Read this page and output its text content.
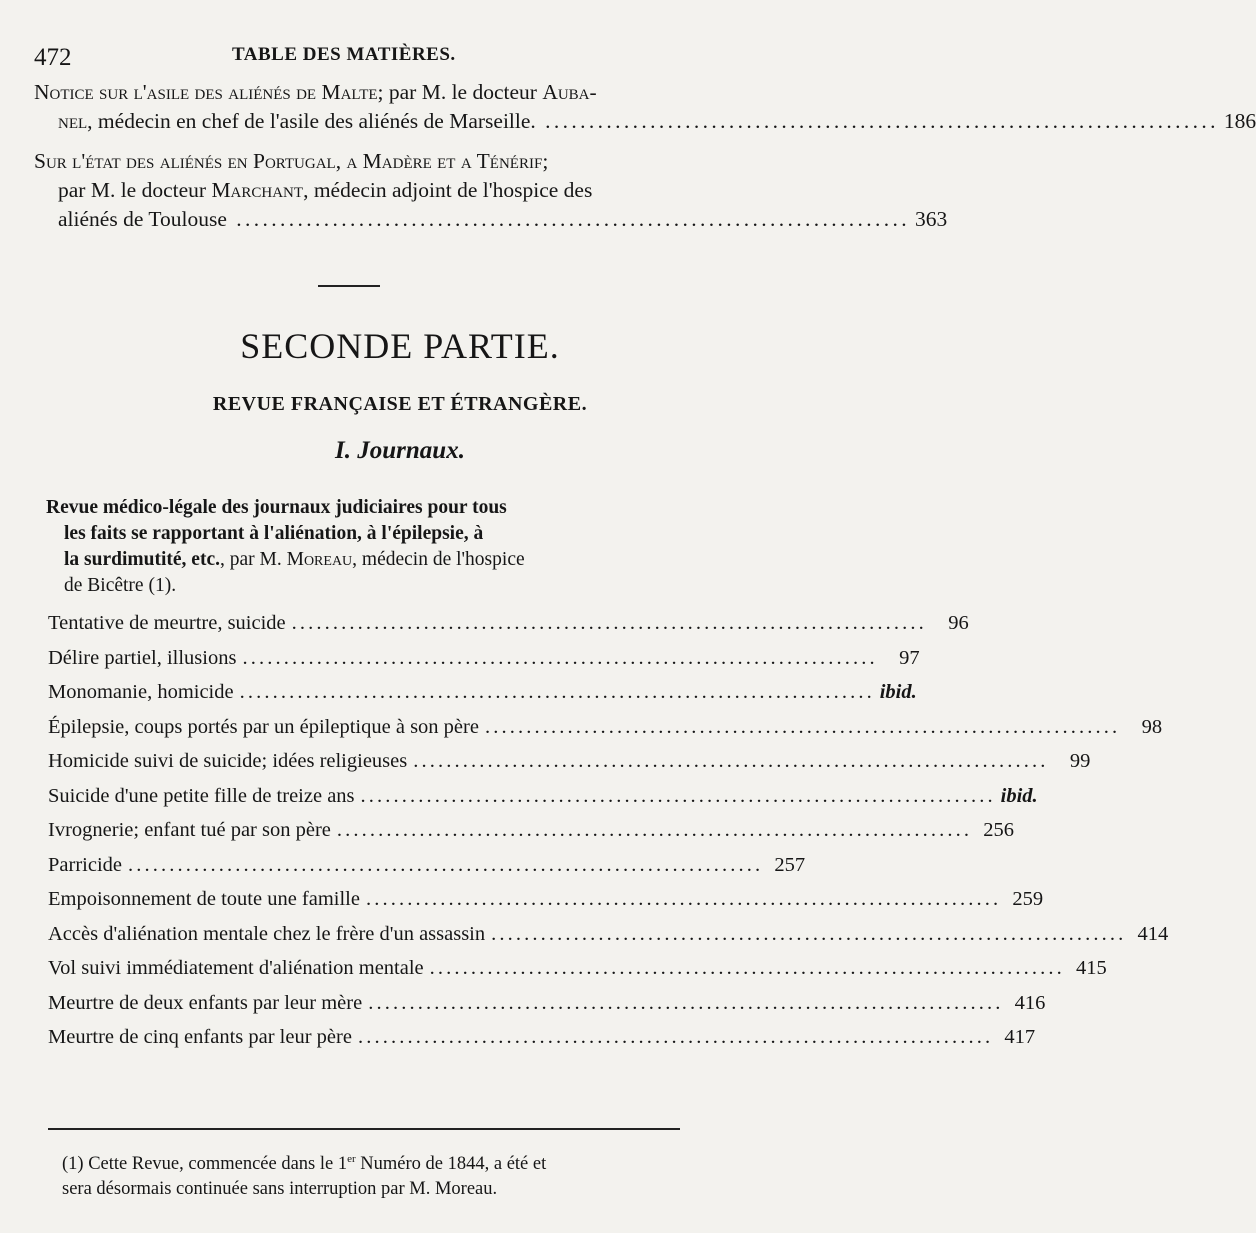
472	TABLE DES MATIÈRES.
Notice sur l'asile des aliénés de Malte; par M. le docteur Auba-
nel, médecin en chef de l'asile des aliénés de Marseille. . . .	186
Sur l'état des aliénés en Portugal, a Madère et a Ténérif;
par M. le docteur Marchant, médecin adjoint de l'hospice des
aliénés de Toulouse . . .	363
SECONDE PARTIE.
REVUE FRANÇAISE ET ÉTRANGÈRE.
I. Journaux.
Revue médico-légale des journaux judiciaires pour tous
les faits se rapportant à l'aliénation, à l'épilepsie, à
la surdimutité, etc., par M. Moreau, médecin de l'hospice
de Bicêtre (1).
Tentative de meurtre, suicide . . .	96
Délire partiel, illusions . . .	97
Monomanie, homicide . . .	ibid.
Épilepsie, coups portés par un épileptique à son père . . .	98
Homicide suivi de suicide; idées religieuses . . .	99
Suicide d'une petite fille de treize ans . . .	ibid.
Ivrognerie; enfant tué par son père . . .	256
Parricide . . .	257
Empoisonnement de toute une famille . . .	259
Accès d'aliénation mentale chez le frère d'un assassin . . .	414
Vol suivi immédiatement d'aliénation mentale . . .	415
Meurtre de deux enfants par leur mère . . .	416
Meurtre de cinq enfants par leur père . . .	417
(1) Cette Revue, commencée dans le 1er Numéro de 1844, a été et
sera désormais continuée sans interruption par M. Moreau.
